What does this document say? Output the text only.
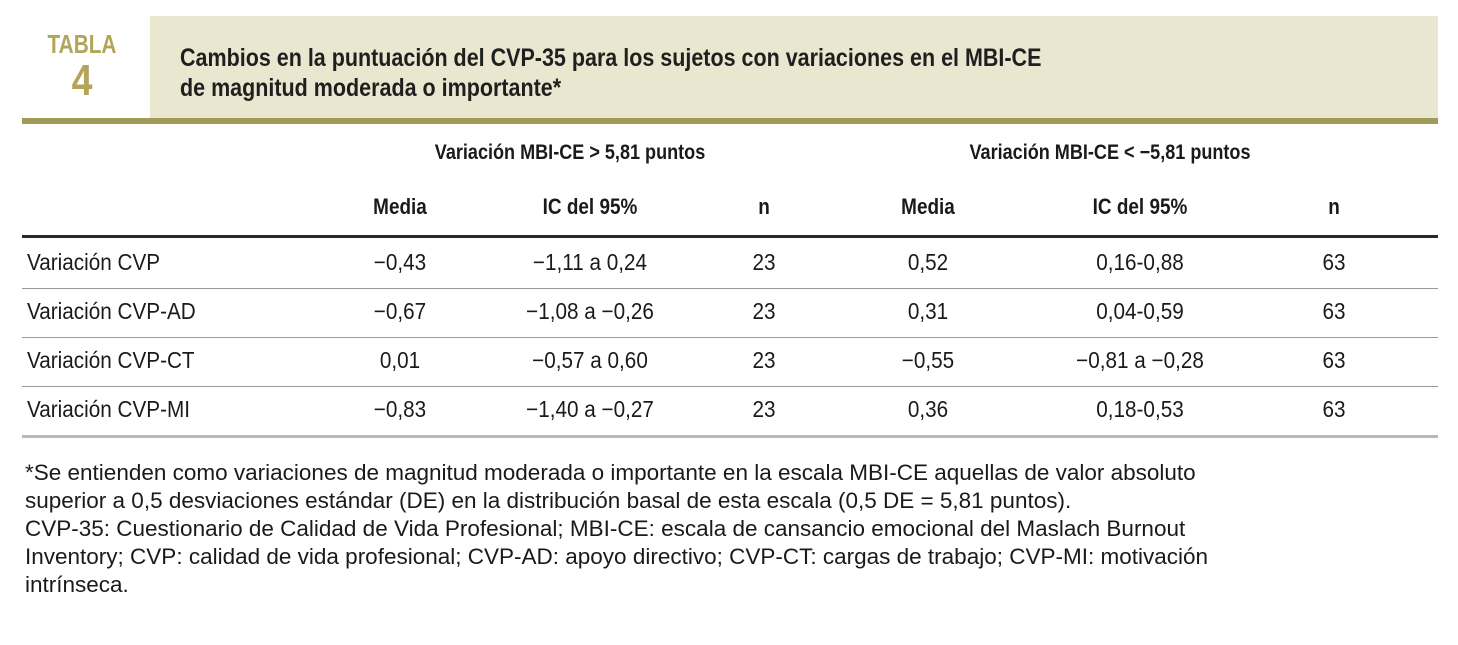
TABLA
4	Cambios en la puntuación del CVP-35 para los sujetos con variaciones en el MBI-CE
de magnitud moderada o importante*
Variación MBI-CE > 5,81 puntos	Variación MBI-CE < −5,81 puntos
Media	IC del 95%	n	Media	IC del 95%	n
Variación CVP	−0,43	−1,11 a 0,24	23	0,52	0,16-0,88	63
Variación CVP-AD	−0,67	−1,08 a −0,26	23	0,31	0,04-0,59	63
Variación CVP-CT	0,01	−0,57 a 0,60	23	−0,55	−0,81 a −0,28	63
Variación CVP-MI	−0,83	−1,40 a −0,27	23	0,36	0,18-0,53	63

*Se entienden como variaciones de magnitud moderada o importante en la escala MBI-CE aquellas de valor absoluto

superior a 0,5 desviaciones estándar (DE) en la distribución basal de esta escala (0,5 DE = 5,81 puntos).

CVP-35: Cuestionario de Calidad de Vida Profesional; MBI-CE: escala de cansancio emocional del Maslach Burnout

Inventory; CVP: calidad de vida profesional; CVP-AD: apoyo directivo; CVP-CT: cargas de trabajo; CVP-MI: motivación

intrínseca.
